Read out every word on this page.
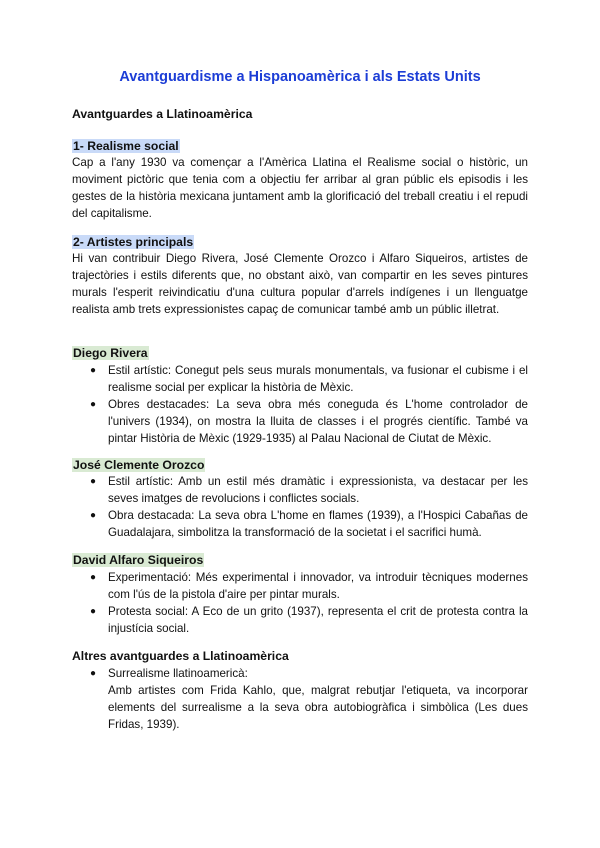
Avantguardisme a Hispanoamèrica i als Estats Units
Avantguardes a Llatinoamèrica
1- Realisme social

Cap a l'any 1930 va començar a l'Amèrica Llatina el Realisme social o històric, un moviment pictòric que tenia com a objectiu fer arribar al gran públic els episodis i les gestes de la història mexicana juntament amb la glorificació del treball creatiu i el repudi del capitalisme.

2- Artistes principals

Hi van contribuir Diego Rivera, José Clemente Orozco i Alfaro Siqueiros, artistes de trajectòries i estils diferents que, no obstant això, van compartir en les seves pintures murals l'esperit reivindicatiu d'una cultura popular d'arrels indígenes i un llenguatge realista amb trets expressionistes capaç de comunicar també amb un públic illetrat.

Diego Rivera
● Estil artístic: Conegut pels seus murals monumentals, va fusionar el cubisme i el realisme social per explicar la història de Mèxic.
● Obres destacades: La seva obra més coneguda és L'home controlador de l'univers (1934), on mostra la lluita de classes i el progrés científic. També va pintar Història de Mèxic (1929-1935) al Palau Nacional de Ciutat de Mèxic.
José Clemente Orozco
● Estil artístic: Amb un estil més dramàtic i expressionista, va destacar per les seves imatges de revolucions i conflictes socials.
● Obra destacada: La seva obra L'home en flames (1939), a l'Hospici Cabañas de Guadalajara, simbolitza la transformació de la societat i el sacrifici humà.
David Alfaro Siqueiros
● Experimentació: Més experimental i innovador, va introduir tècniques modernes com l'ús de la pistola d'aire per pintar murals.
● Protesta social: A Eco de un grito (1937), representa el crit de protesta contra la injustícia social.
Altres avantguardes a Llatinoamèrica
● Surrealisme llatinoamericà:
Amb artistes com Frida Kahlo, que, malgrat rebutjar l'etiqueta, va incorporar elements del surrealisme a la seva obra autobiogràfica i simbòlica (Les dues Fridas, 1939).
